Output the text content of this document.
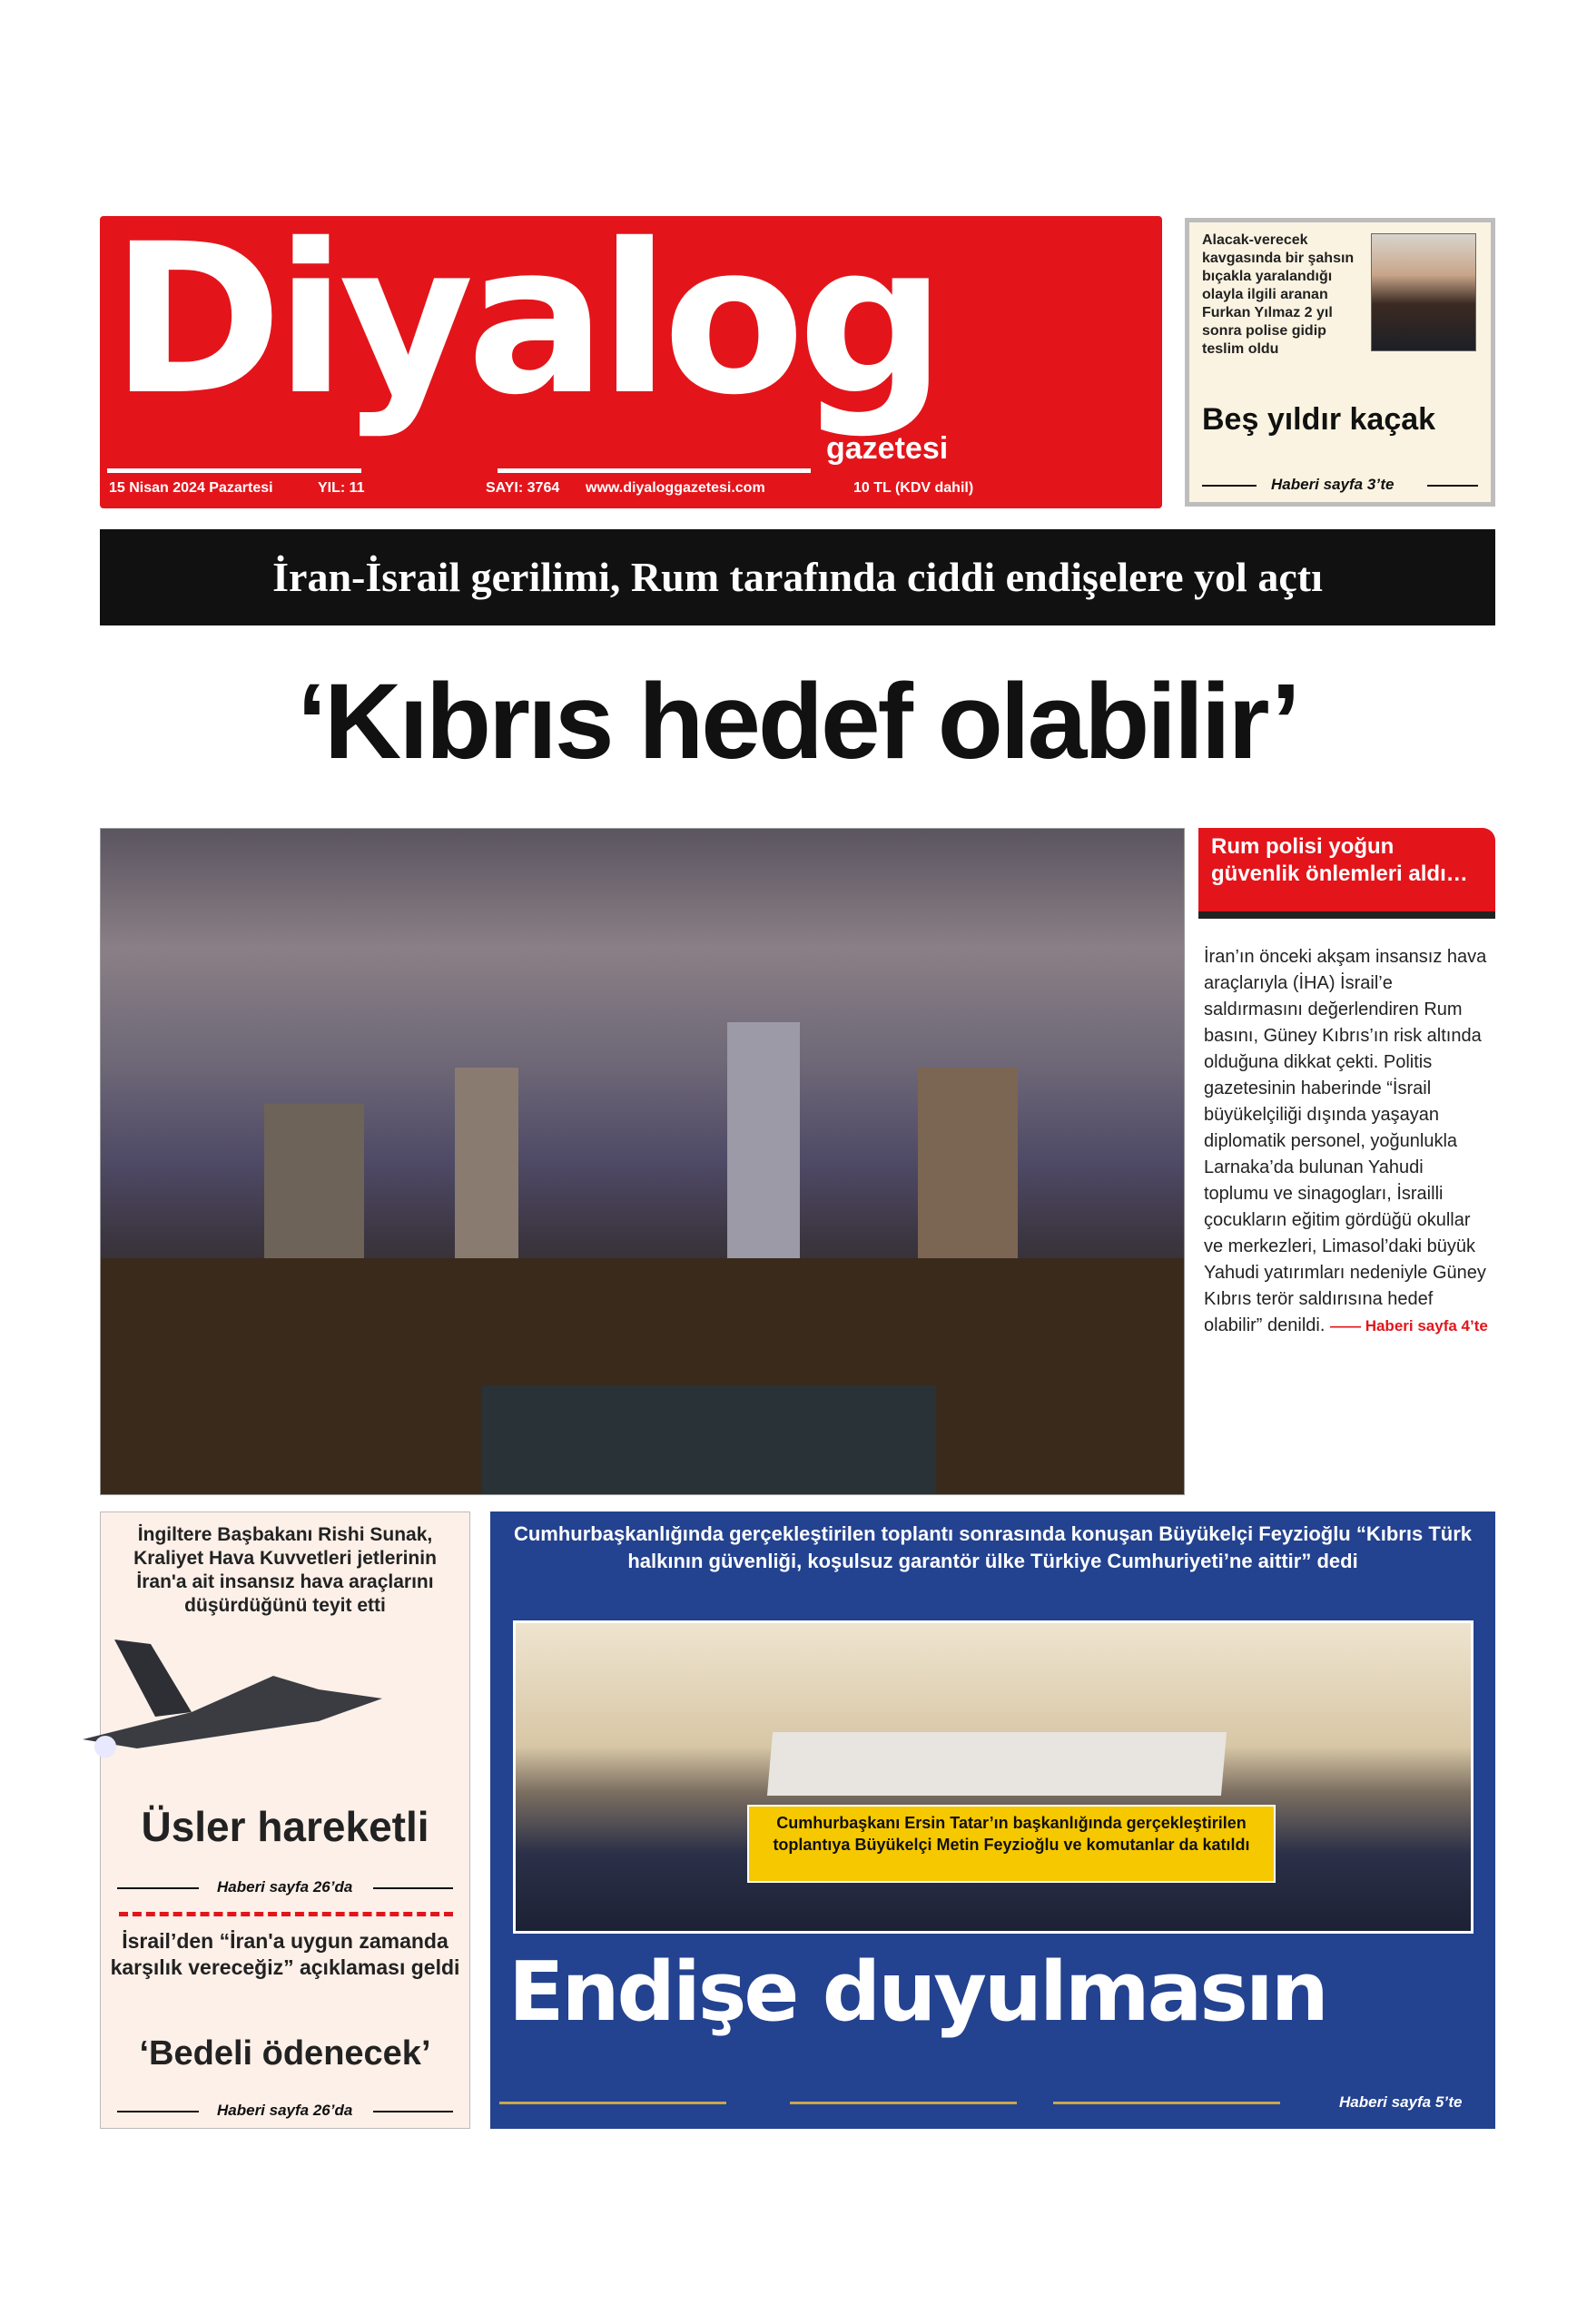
Diyalog
gazetesi
15 Nisan 2024 Pazartesi	YIL: 11	SAYI: 3764 www.diyaloggazetesi.com	10 TL (KDV dahil)
Alacak-verecek kavgasında bir şahsın bıçakla yaralandığı olayla ilgili aranan Furkan Yılmaz 2 yıl sonra polise gidip teslim oldu
Beş yıldır kaçak
Haberi sayfa 3’te
İran-İsrail gerilimi, Rum tarafında ciddi endişelere yol açtı
‘Kıbrıs hedef olabilir’
Rum polisi yoğun güvenlik önlemleri aldı…
İran’ın önceki akşam insansız hava araçlarıyla (İHA) İsrail’e saldırmasını değerlendiren Rum basını, Güney Kıbrıs’ın risk altında olduğuna dikkat çekti. Politis gazetesinin haberinde “İsrail büyükelçiliği dışında yaşayan diplomatik personel, yoğunlukla Larnaka’da bulunan Yahudi toplumu ve sinagogları, İsrailli çocukların eğitim gördüğü okullar ve merkezleri, Limasol’daki büyük Yahudi yatırımları nedeniyle Güney Kıbrıs terör saldırısına hedef olabilir” denildi. —— Haberi sayfa 4’te
İngiltere Başbakanı Rishi Sunak, Kraliyet Hava Kuvvetleri jetlerinin İran'a ait insansız hava araçlarını düşürdüğünü teyit etti
Üsler hareketli
Haberi sayfa 26’da
İsrail’den “İran'a uygun zamanda karşılık vereceğiz” açıklaması geldi
‘Bedeli ödenecek’
Haberi sayfa 26’da
Cumhurbaşkanlığında gerçekleştirilen toplantı sonrasında konuşan Büyükelçi Feyzioğlu “Kıbrıs Türk halkının güvenliği, koşulsuz garantör ülke Türkiye Cumhuriyeti’ne aittir” dedi
Cumhurbaşkanı Ersin Tatar’ın başkanlığında gerçekleştirilen toplantıya Büyükelçi Metin Feyzioğlu ve komutanlar da katıldı
Endişe duyulmasın
Haberi sayfa 5’te
